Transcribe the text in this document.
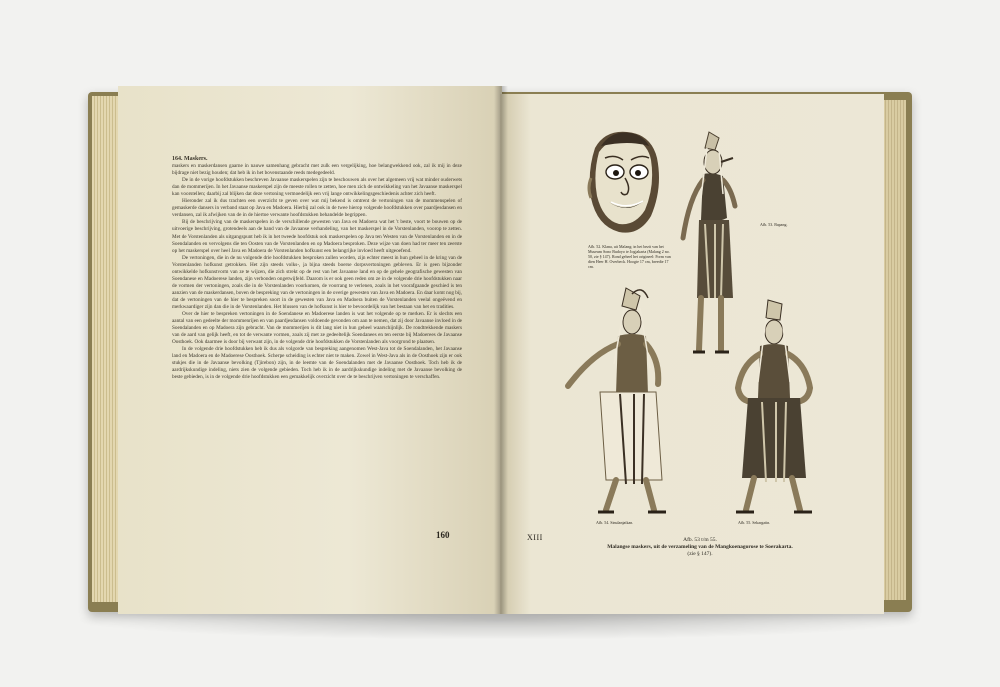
164. Maskers.

maskers en maskerdansen gaarne in nauwe samenhang gebracht met zulk een vergelijking, hoe belangwekkend ook, zal ik mij in deze bijdrage niet bezig houden; dat heb ik in het bovenstaande reeds medegedeeld.

De in de vorige hoofdstukken beschreven Javaanse maskerspelen zijn te beschouwen als over het algemeen vrij wat minder ouderwets dan de mommerijen. In het Javaanse maskerspel zijn de meeste rollen te zetten, hoe men zich de ontwikkeling van het Javaanse maskerspel kan voorstellen; daarbij zal blijken dat deze vertoning vermoedelijk een vrij lange ontwikkelingsgeschiedenis achter zich heeft.

Hieronder zal ik dus trachten een overzicht te geven over wat mij bekend is omtrent de vertoningen van de mommenspelen of gemaskerde dansers in verband staat op Java en Madoera. Hierbij zal ook in de twee hierop volgende hoofdstukken over paardjesdansen en verdansen, zal ik afwijken van de in de hiertoe verwante hoofdstukken behandelde begrippen.

Bij de beschrijving van de maskerspelen in de verschillende gewesten van Java en Madoera wat het 't beste, voort te bouwen op de uitvoerige beschrijving, grotendeels aan de hand van de Javaanse verhandeling, van het maskerspel in de Vorstenlanden, voorop te zetten. Met de Vorstenlanden als uitgangspunt heb ik in het tweede hoofdstuk ook maskerspelen op Java ten Westen van de Vorstenlanden en in de Soendalanden en vervolgens die ten Oosten van de Vorstenlanden en op Madoera besproken. Deze wijze van doen had ter meer ten zeerste op het maskerspel over heel Java en Madoera de Vorstenlanden hofkunst een belangrijke invloed heeft uitgeoefend.

De vertoningen, die in de nu volgende drie hoofdstukken besproken zullen worden, zijn echter meest in hun geheel in de kring van de Vorstenlanden hofkunst getrokken. Het zijn steeds volks-, ja bijna steeds boerse dorpsvertoningen gebleven. Er is geen bijzonder ontwikkelde hofkunstvorm van ze te wijzen, die zich strekt op de rest van het Javaanse land en op de gehele geografische gewesten van Soendanese en Madoerese landen, zijn verbonden ongetwijfeld. Daarom is er ook geen reden om ze in de volgende drie hoofdstukken naar de vormen der vertoningen, zoals die in de Vorstenlanden voorkomen, de voorrang te verlenen, zoals in het voorafgaande geschied is ten aanzien van de maskerdansen, boven de bespreking van de vertoningen in de overige gewesten van Java en Madoera. En daar komt nog bij, dat de vertoningen van de hier te bespreken soort in de gewesten van Java en Madoera buiten de Vorstenlanden veelal ongeëvend en merkwaardiger zijn dan die in de Vorstenlanden. Het blussen van de hofkunst is hier te bevoordelijk van het bestaan van het en tradities.

Over de hier te bespreken vertoningen in de Soendanese en Madoerese landen is wat het volgende op te merken. Er is slechts een aantal van een gedeelte der mommenrijen en van paardjesdansen voldoende gevonden om aan te nemen, dat zij door Javaanse invloed in de Soendalanden en op Madoera zijn gebracht. Van de mommerijen is dit lang niet in hun geheel waarschijnlijk. De rondtrekkende maskers van de aard van gelijk heeft, en tot de verwante vormen, zoals zij met ze gedeeltelijk Soendanees en ten eerste bij Madoerees de Javaanse Oosthoek. Ook daarmee is door bij verwant zijn, in de volgende drie hoofdstukken de Vorstenlanden als voorgrond te plaatsen.

In de volgende drie hoofdstukken heb ik dus als volgorde van bespreking aangenomen West-Java tot de Soendalanden, het Javaanse land en Madoera en de Madoerese Oosthoek. Scherpe scheiding is echter niet te maken. Zowel in West-Java als in de Oosthoek zijn er ook stukjes die in de Javaanse bevolking (Tjirebon) zijn, in de leemte van de Soendalanden met de Javaanse Oosthoek. Toch heb ik de aardrijkskundige indeling, niets zien de volgende gebieden. Toch heb ik in de aardrijkskundige indeling met de Javaanse bevolking de beste gebieden, is in de volgende drie hoofdstukken een gemakkelijk overzicht over de te beschrijven vertoningen te verschaffen.

160
Afb. 52. Klana, uit Malang; in het bezit van het Museum Sono Budoyo te Jogjakarta (Malang 2 no. 50, zie § 147). Rond geheel het origineel: Form van dien Heer H. Overbeck. Hoogte 17 cm, breedte 17 cm.
Afb. 53. Bapang.
Afb. 54. Sinulanjatkan.	Afb. 55. Sekargatin.
XIII	Afb. 53 t/m 55.
Malangse maskers, uit de verzameling van de Mangkoenagorose te Soerakarta.
(zie § 147).
